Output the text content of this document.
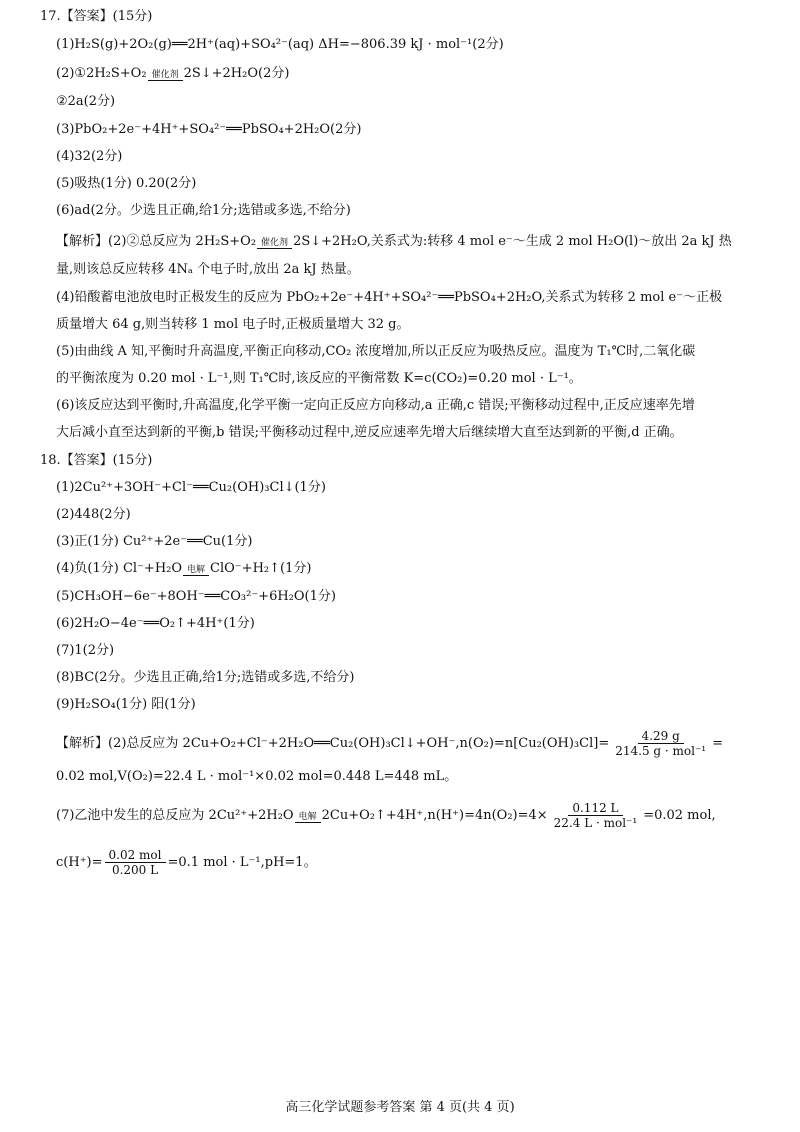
17.【答案】(15分)
(1)H₂S(g)+2O₂(g)══2H⁺(aq)+SO₄²⁻(aq) ΔH=−806.39 kJ · mol⁻¹(2分)
(2)①2H₂S+O₂ 催化剂 2S↓+2H₂O(2分)
②2a(2分)
(3)PbO₂+2e⁻+4H⁺+SO₄²⁻══PbSO₄+2H₂O(2分)
(4)32(2分)
(5)吸热(1分) 0.20(2分)
(6)ad(2分。少选且正确,给1分;选错或多选,不给分)
【解析】(2)②总反应为 2H₂S+O₂ 催化剂 2S↓+2H₂O,关系式为:转移 4 mol e⁻～生成 2 mol H₂O(l)～放出 2a kJ 热
量,则该总反应转移 4Nₐ 个电子时,放出 2a kJ 热量。
(4)铅酸蓄电池放电时正极发生的反应为 PbO₂+2e⁻+4H⁺+SO₄²⁻══PbSO₄+2H₂O,关系式为转移 2 mol e⁻～正极
质量增大 64 g,则当转移 1 mol 电子时,正极质量增大 32 g。
(5)由曲线 A 知,平衡时升高温度,平衡正向移动,CO₂ 浓度增加,所以正反应为吸热反应。温度为 T₁℃时,二氧化碳
的平衡浓度为 0.20 mol · L⁻¹,则 T₁℃时,该反应的平衡常数 K=c(CO₂)=0.20 mol · L⁻¹。
(6)该反应达到平衡时,升高温度,化学平衡一定向正反应方向移动,a 正确,c 错误;平衡移动过程中,正反应速率先增
大后减小直至达到新的平衡,b 错误;平衡移动过程中,逆反应速率先增大后继续增大直至达到新的平衡,d 正确。
18.【答案】(15分)
(1)2Cu²⁺+3OH⁻+Cl⁻══Cu₂(OH)₃Cl↓(1分)
(2)448(2分)
(3)正(1分) Cu²⁺+2e⁻══Cu(1分)
(4)负(1分) Cl⁻+H₂O 电解 ClO⁻+H₂↑(1分)
(5)CH₃OH−6e⁻+8OH⁻══CO₃²⁻+6H₂O(1分)
(6)2H₂O−4e⁻══O₂↑+4H⁺(1分)
(7)1(2分)
(8)BC(2分。少选且正确,给1分;选错或多选,不给分)
(9)H₂SO₄(1分) 阳(1分)
【解析】(2)总反应为 2Cu+O₂+Cl⁻+2H₂O══Cu₂(OH)₃Cl↓+OH⁻,n(O₂)=n[Cu₂(OH)₃Cl]= $\frac{4.29 g}{\text{214.5 g · mol⁻¹}}$ =
0.02 mol,V(O₂)=22.4 L · mol⁻¹×0.02 mol=0.448 L=448 mL。
(7)乙池中发生的总反应为 2Cu²⁺+2H₂O 电解 2Cu+O₂↑+4H⁺,n(H⁺)=4n(O₂)=4× $\frac{0.112 L}{\text{22.4 L · mol⁻¹}} =0.02$ mol,
$c(H^+)= \frac{\text{0.02 mol}}{0.200 L} =0.1$ mol · L⁻¹,pH=1。
高三化学试题参考答案 第 4 页(共 4 页)
